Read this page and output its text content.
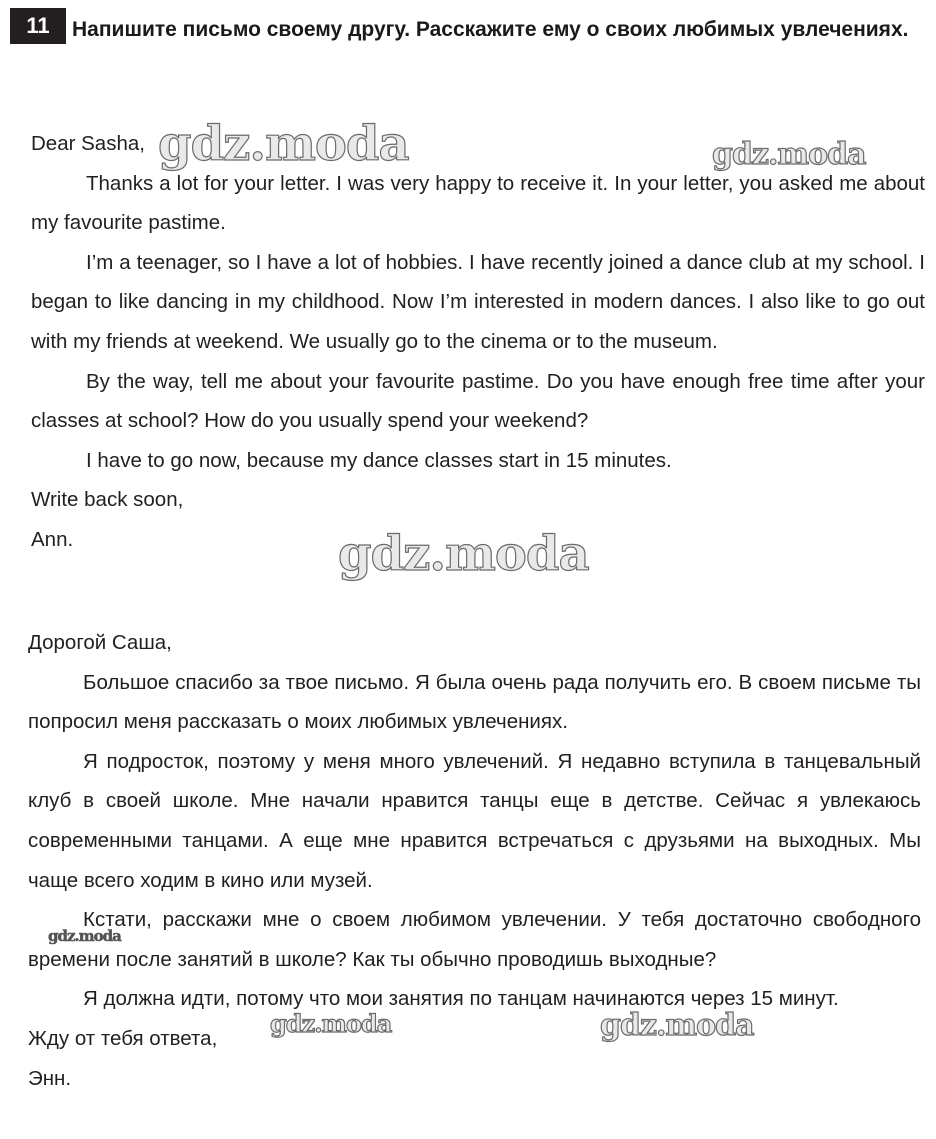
11	Напишите письмо своему другу. Расскажите ему о своих любимых увлечениях.

Dear Sasha,

Thanks a lot for your letter. I was very happy to receive it. In your letter, you asked me about my favourite pastime.

I’m a teenager, so I have a lot of hobbies. I have recently joined a dance club at my school. I began to like dancing in my childhood. Now I’m interested in modern dances. I also like to go out with my friends at weekend. We usually go to the cinema or to the museum.

By the way, tell me about your favourite pastime. Do you have enough free time after your classes at school? How do you usually spend your weekend?

I have to go now, because my dance classes start in 15 minutes.

Write back soon,

Ann.

Дорогой Саша,

Большое спасибо за твое письмо. Я была очень рада получить его. В своем письме ты попросил меня рассказать о моих любимых увлечениях.

Я подросток, поэтому у меня много увлечений. Я недавно вступила в танцевальный клуб в своей школе. Мне начали нравится танцы еще в детстве. Сейчас я увлекаюсь современными танцами. А еще мне нравится встречаться с друзьями на выходных. Мы чаще всего ходим в кино или музей.

Кстати, расскажи мне о своем любимом увлечении. У тебя достаточно свободного времени после занятий в школе? Как ты обычно проводишь выходные?

Я должна идти, потому что мои занятия по танцам начинаются через 15 минут.

Жду от тебя ответа,

Энн.

gdz.moda	gdz.moda
gdz.moda
gdz.moda
gdz.moda	gdz.moda
